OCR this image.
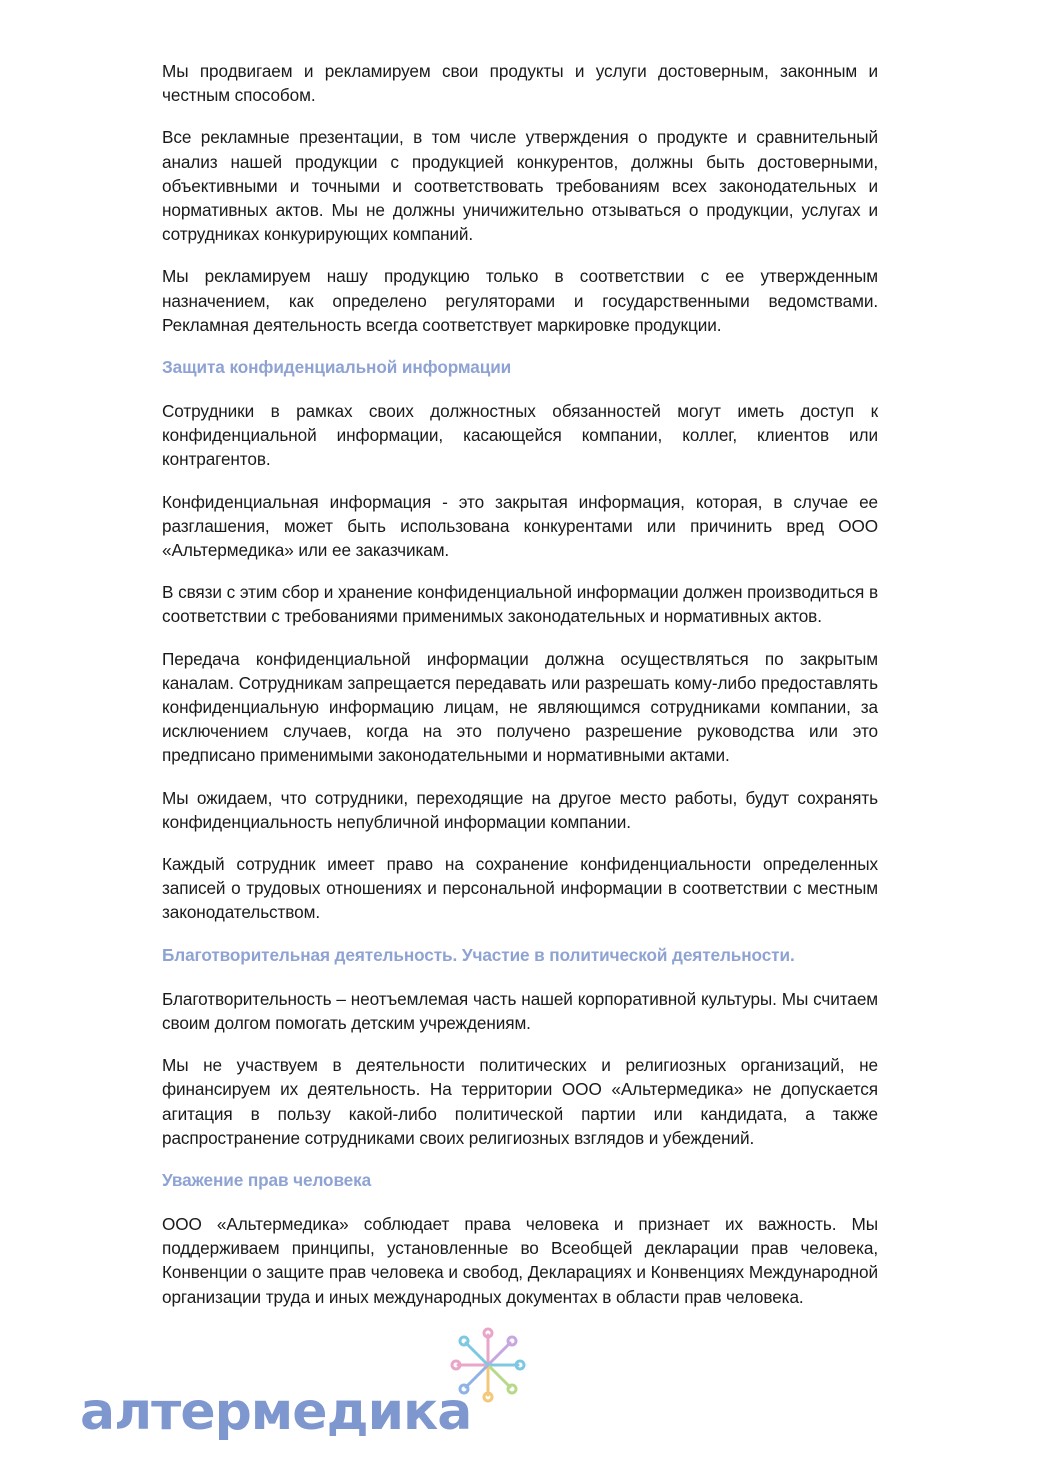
Мы продвигаем и рекламируем свои продукты и услуги достоверным, законным и честным способом.

Все рекламные презентации, в том числе утверждения о продукте и сравнительный анализ нашей продукции с продукцией конкурентов, должны быть достоверными, объективными и точными и соответствовать требованиям всех законодательных и нормативных актов. Мы не должны уничижительно отзываться о продукции, услугах и сотрудниках конкурирующих компаний.

Мы рекламируем нашу продукцию только в соответствии с ее утвержденным назначением, как определено регуляторами и государственными ведомствами. Рекламная деятельность всегда соответствует маркировке продукции.

Защита конфиденциальной информации

Сотрудники в рамках своих должностных обязанностей могут иметь доступ к конфиденциальной информации, касающейся компании, коллег, клиентов или контрагентов.

Конфиденциальная информация - это закрытая информация, которая, в случае ее разглашения, может быть использована конкурентами или причинить вред ООО «Альтермедика» или ее заказчикам.

В связи с этим сбор и хранение конфиденциальной информации должен производиться в соответствии с требованиями применимых законодательных и нормативных актов.

Передача конфиденциальной информации должна осуществляться по закрытым каналам. Сотрудникам запрещается передавать или разрешать кому-либо предоставлять конфиденциальную информацию лицам, не являющимся сотрудниками компании, за исключением случаев, когда на это получено разрешение руководства или это предписано применимыми законодательными и нормативными актами.

Мы ожидаем, что сотрудники, переходящие на другое место работы, будут сохранять конфиденциальность непубличной информации компании.

Каждый сотрудник имеет право на сохранение конфиденциальности определенных записей о трудовых отношениях и персональной информации в соответствии с местным законодательством.

Благотворительная деятельность. Участие в политической деятельности.

Благотворительность – неотъемлемая часть нашей корпоративной культуры. Мы считаем своим долгом помогать детским учреждениям.

Мы не участвуем в деятельности политических и религиозных организаций, не финансируем их деятельность. На территории ООО «Альтермедика» не допускается агитация в пользу какой-либо политической партии или кандидата, а также распространение сотрудниками своих религиозных взглядов и убеждений.

Уважение прав человека

ООО «Альтермедика» соблюдает права человека и признает их важность. Мы поддерживаем принципы, установленные во Всеобщей декларации прав человека, Конвенции о защите прав человека и свобод, Декларациях и Конвенциях Международной организации труда и иных международных документах в области прав человека.

алтермедика
